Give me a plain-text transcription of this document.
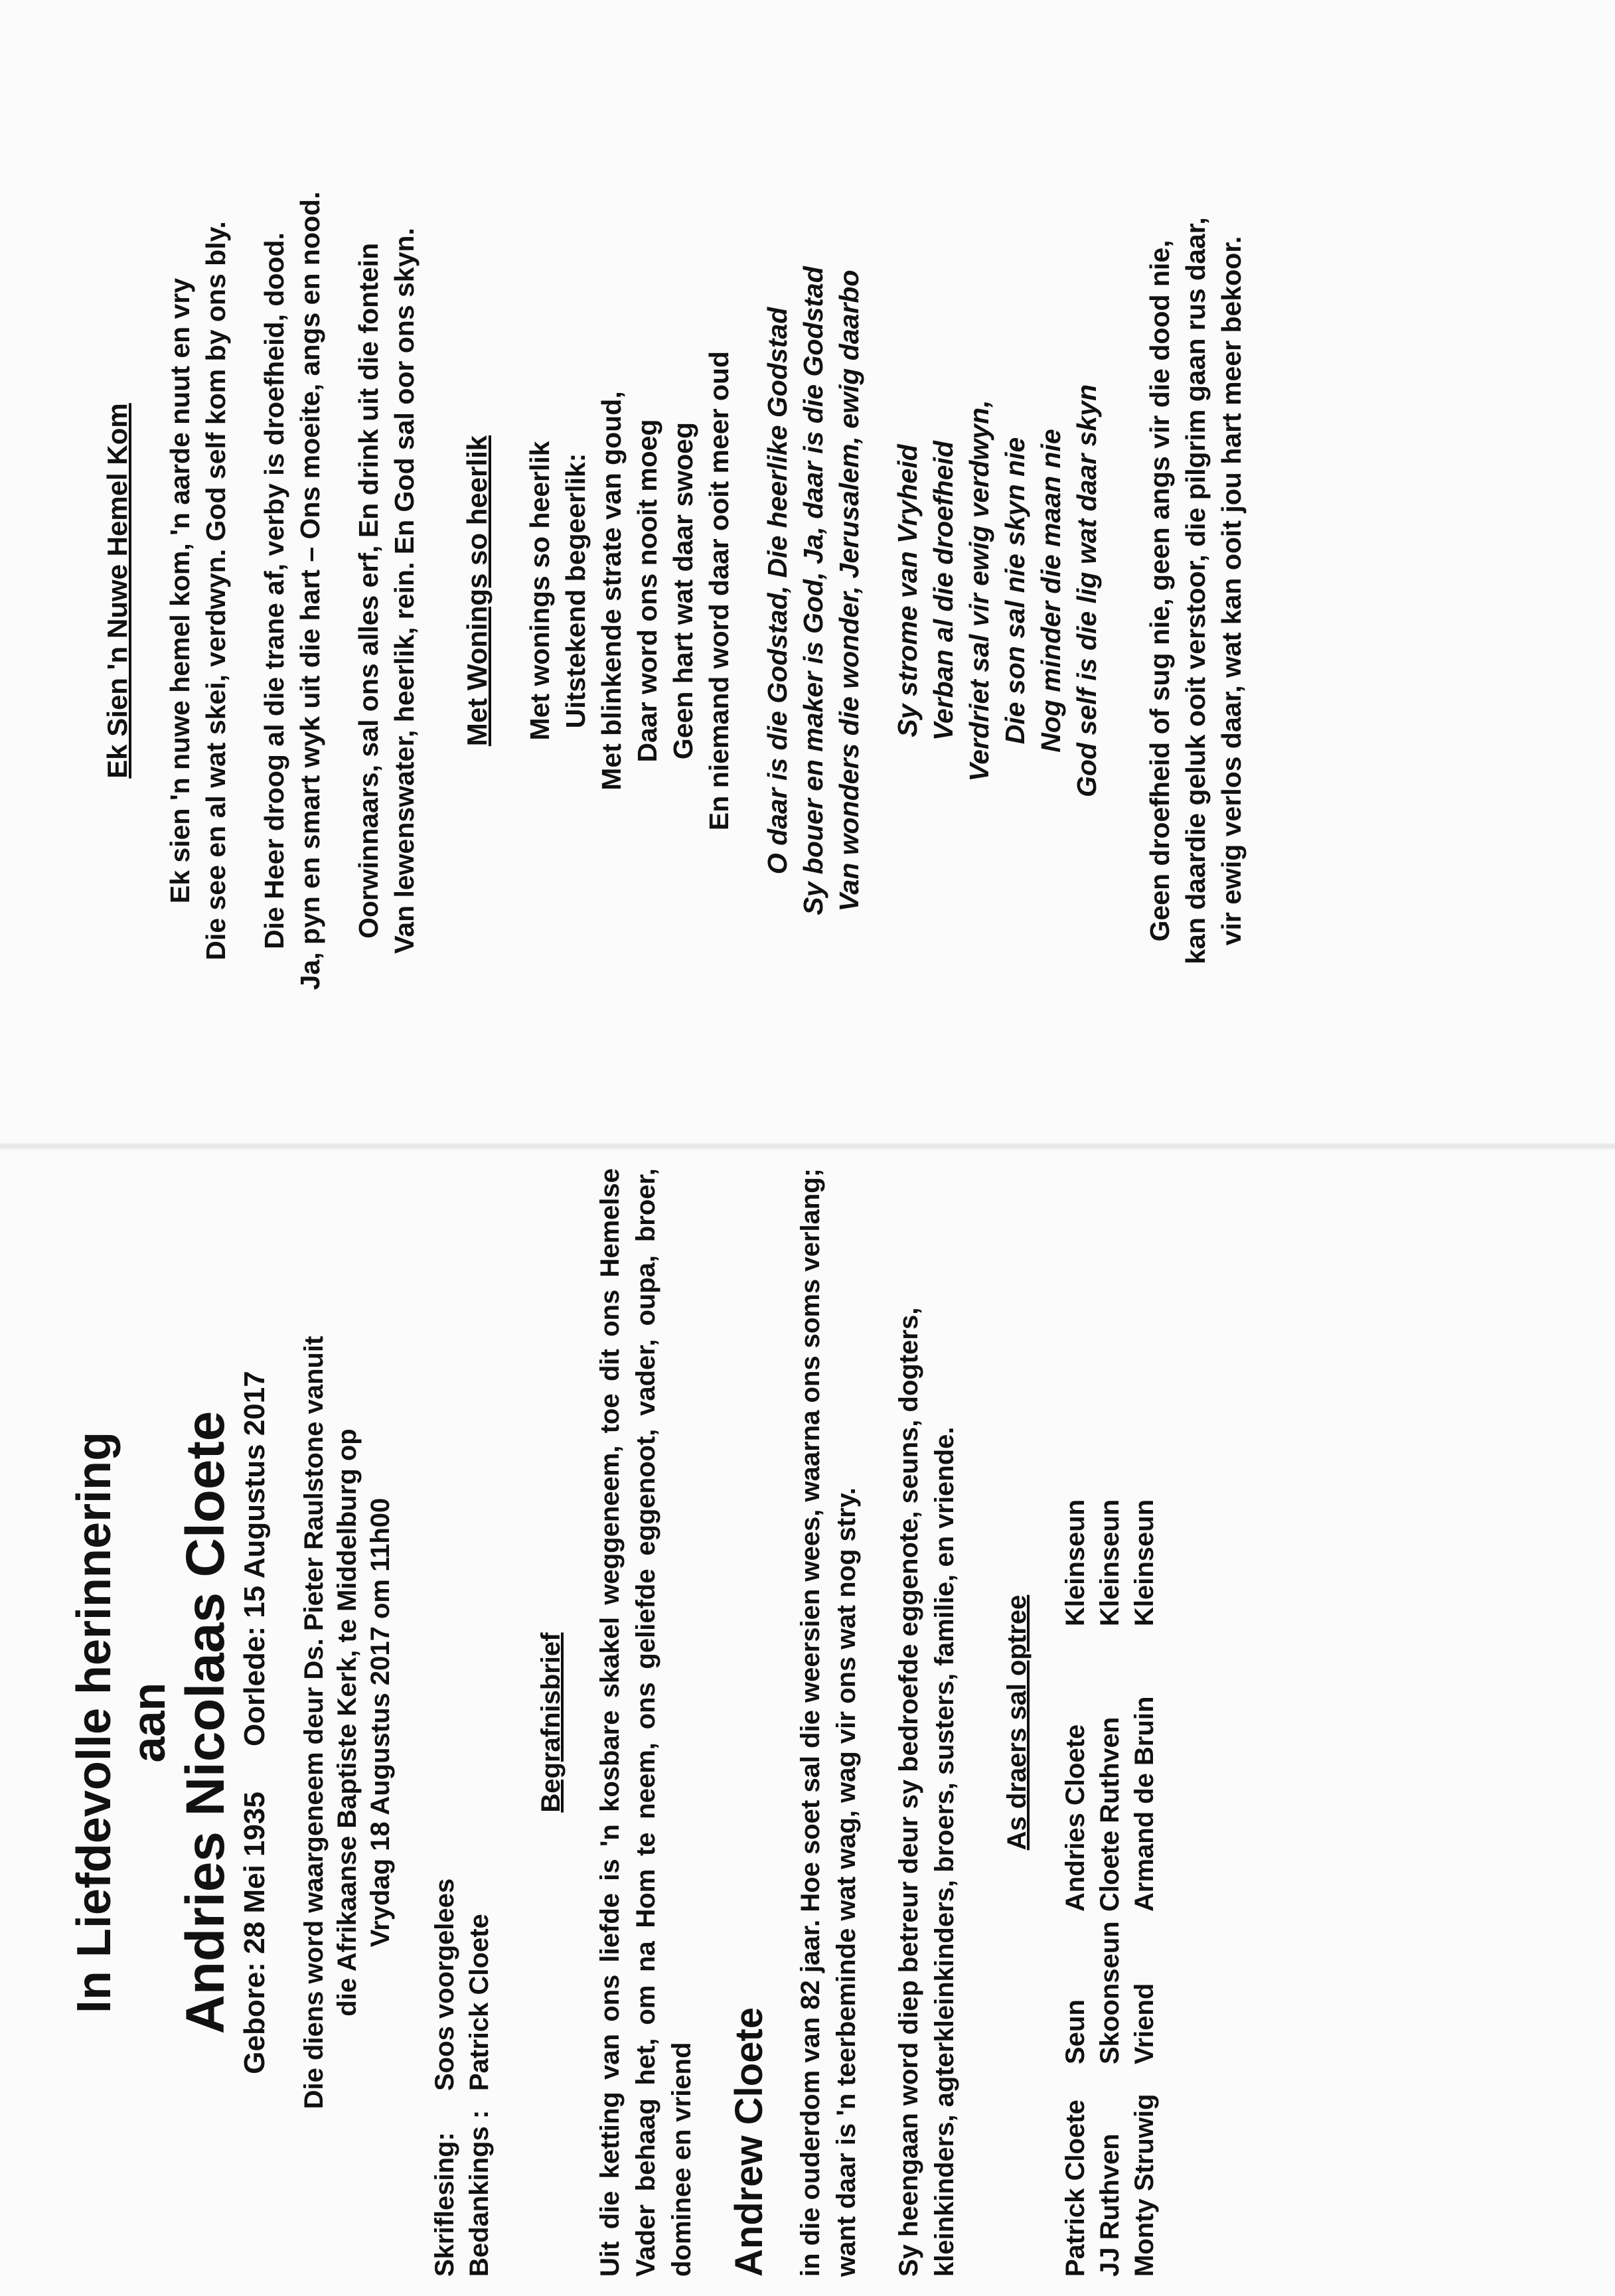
In Liefdevolle herinnering aan Andries Nicolaas Cloete Gebore: 28 Mei 1935 Oorlede: 15 Augustus 2017 Die diens word waargeneem deur Ds. Pieter Raulstone vanuit die Afrikaanse Baptiste Kerk, te Middelburg op Vrydag 18 Augustus 2017 om 11h00

Skriflesing:
Soos voorgelees
Bedankings :
Patrick Cloete
Begrafnisbrief Uit die ketting van ons liefde is 'n kosbare skakel weggeneem, toe dit ons Hemelse Vader behaag het, om na Hom te neem, ons geliefde eggenoot, vader, oupa, broer, dominee en vriend Andrew Cloete in die ouderdom van 82 jaar. Hoe soet sal die weersien wees, waarna ons soms verlang; want daar is 'n teerbeminde wat wag, wag vir ons wat nog stry. Sy heengaan word diep betreur deur sy bedroefde eggenote, seuns, dogters, kleinkinders, agterkleinkinders, broers, susters, familie, en vriende. As draers sal optree
Patrick Cloete
Seun
Andries Cloete
Kleinseun
JJ Ruthven
Skoonseun
Cloete Ruthven
Kleinseun
Monty Struwig
Vriend
Armand de Bruin
Kleinseun
Ek Sien 'n Nuwe Hemel Kom Ek sien 'n nuwe hemel kom, 'n aarde nuut en vry Die see en al wat skei, verdwyn. God self kom by ons bly. Die Heer droog al die trane af, verby is droefheid, dood. Ja, pyn en smart wyk uit die hart – Ons moeite, angs en nood. Oorwinnaars, sal ons alles erf, En drink uit die fontein Van lewenswater, heerlik, rein. En God sal oor ons skyn. Met Wonings so heerlik Met wonings so heerlik Uitstekend begeerlik: Met blinkende strate van goud, Daar word ons nooit moeg Geen hart wat daar swoeg En niemand word daar ooit meer oud O daar is die Godstad, Die heerlike Godstad Sy bouer en maker is God, Ja, daar is die Godstad Van wonders die wonder, Jerusalem, ewig daarbo Sy strome van Vryheid Verban al die droefheid Verdriet sal vir ewig verdwyn, Die son sal nie skyn nie Nog minder die maan nie God self is die lig wat daar skyn Geen droefheid of sug nie, geen angs vir die dood nie, kan daardie geluk ooit verstoor, die pilgrim gaan rus daar, vir ewig verlos daar, wat kan ooit jou hart meer bekoor.
